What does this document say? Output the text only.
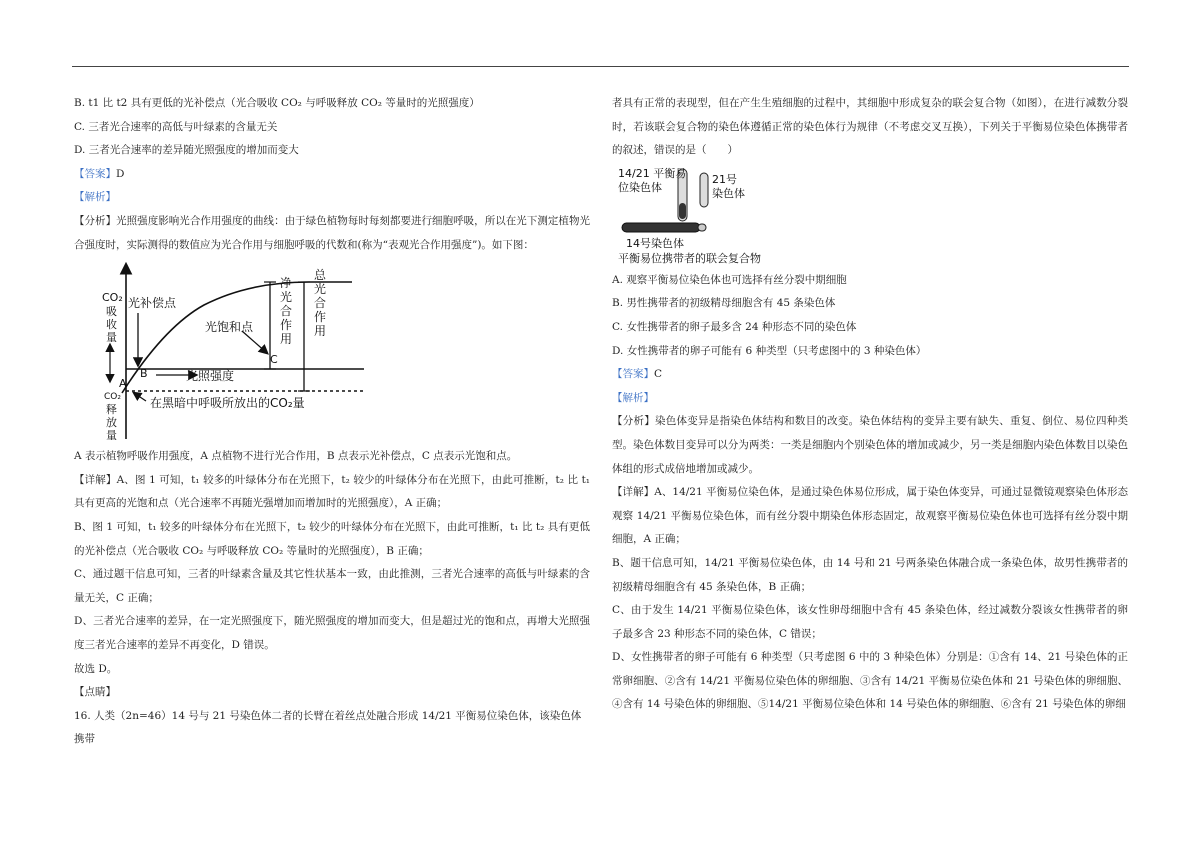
B. t1 比 t2 具有更低的光补偿点（光合吸收 CO₂ 与呼吸释放 CO₂ 等量时的光照强度）

C. 三者光合速率的高低与叶绿素的含量无关

D. 三者光合速率的差异随光照强度的增加而变大

【答案】D

【解析】

【分析】光照强度影响光合作用强度的曲线：由于绿色植物每时每刻都要进行细胞呼吸，所以在光下测定植物光合强度时，实际测得的数值应为光合作用与细胞呼吸的代数和(称为“表观光合作用强度”)。如下图：

CO₂
吸
收
量
CO₂
释
放
量
光补偿点
光饱和点
光照强度
在黑暗中呼吸所放出的CO₂量
A
B
C
净
光
合
作
用
总
光
合
作
用

A 表示植物呼吸作用强度，A 点植物不进行光合作用，B 点表示光补偿点，C 点表示光饱和点。

【详解】A、图 1 可知，t₁ 较多的叶绿体分布在光照下，t₂ 较少的叶绿体分布在光照下，由此可推断，t₂ 比 t₁ 具有更高的光饱和点（光合速率不再随光强增加而增加时的光照强度），A 正确；

B、图 1 可知，t₁ 较多的叶绿体分布在光照下，t₂ 较少的叶绿体分布在光照下，由此可推断，t₁ 比 t₂ 具有更低的光补偿点（光合吸收 CO₂ 与呼吸释放 CO₂ 等量时的光照强度），B 正确；

C、通过题干信息可知，三者的叶绿素含量及其它性状基本一致，由此推测，三者光合速率的高低与叶绿素的含量无关，C 正确；

D、三者光合速率的差异，在一定光照强度下，随光照强度的增加而变大，但是超过光的饱和点，再增大光照强度三者光合速率的差异不再变化，D 错误。

故选 D。

【点睛】

16. 人类（2n=46）14 号与 21 号染色体二者的长臂在着丝点处融合形成 14/21 平衡易位染色体，该染色体携带

者具有正常的表现型，但在产生生殖细胞的过程中，其细胞中形成复杂的联会复合物（如图），在进行减数分裂时，若该联会复合物的染色体遵循正常的染色体行为规律（不考虑交叉互换），下列关于平衡易位染色体携带者的叙述，错误的是（　　）

14/21 平衡易
位染色体
21号
染色体
14号染色体
平衡易位携带者的联会复合物

A. 观察平衡易位染色体也可选择有丝分裂中期细胞

B. 男性携带者的初级精母细胞含有 45 条染色体

C. 女性携带者的卵子最多含 24 种形态不同的染色体

D. 女性携带者的卵子可能有 6 种类型（只考虑图中的 3 种染色体）

【答案】C

【解析】

【分析】染色体变异是指染色体结构和数目的改变。染色体结构的变异主要有缺失、重复、倒位、易位四种类型。染色体数目变异可以分为两类：一类是细胞内个别染色体的增加或减少，另一类是细胞内染色体数目以染色体组的形式成倍地增加或减少。

【详解】A、14/21 平衡易位染色体，是通过染色体易位形成，属于染色体变异，可通过显微镜观察染色体形态观察 14/21 平衡易位染色体，而有丝分裂中期染色体形态固定，故观察平衡易位染色体也可选择有丝分裂中期细胞，A 正确；

B、题干信息可知，14/21 平衡易位染色体，由 14 号和 21 号两条染色体融合成一条染色体，故男性携带者的初级精母细胞含有 45 条染色体，B 正确；

C、由于发生 14/21 平衡易位染色体，该女性卵母细胞中含有 45 条染色体，经过减数分裂该女性携带者的卵子最多含 23 种形态不同的染色体，C 错误；

D、女性携带者的卵子可能有 6 种类型（只考虑图 6 中的 3 种染色体）分别是：①含有 14、21 号染色体的正常卵细胞、②含有 14/21 平衡易位染色体的卵细胞、③含有 14/21 平衡易位染色体和 21 号染色体的卵细胞、④含有 14 号染色体的卵细胞、⑤14/21 平衡易位染色体和 14 号染色体的卵细胞、⑥含有 21 号染色体的卵细
